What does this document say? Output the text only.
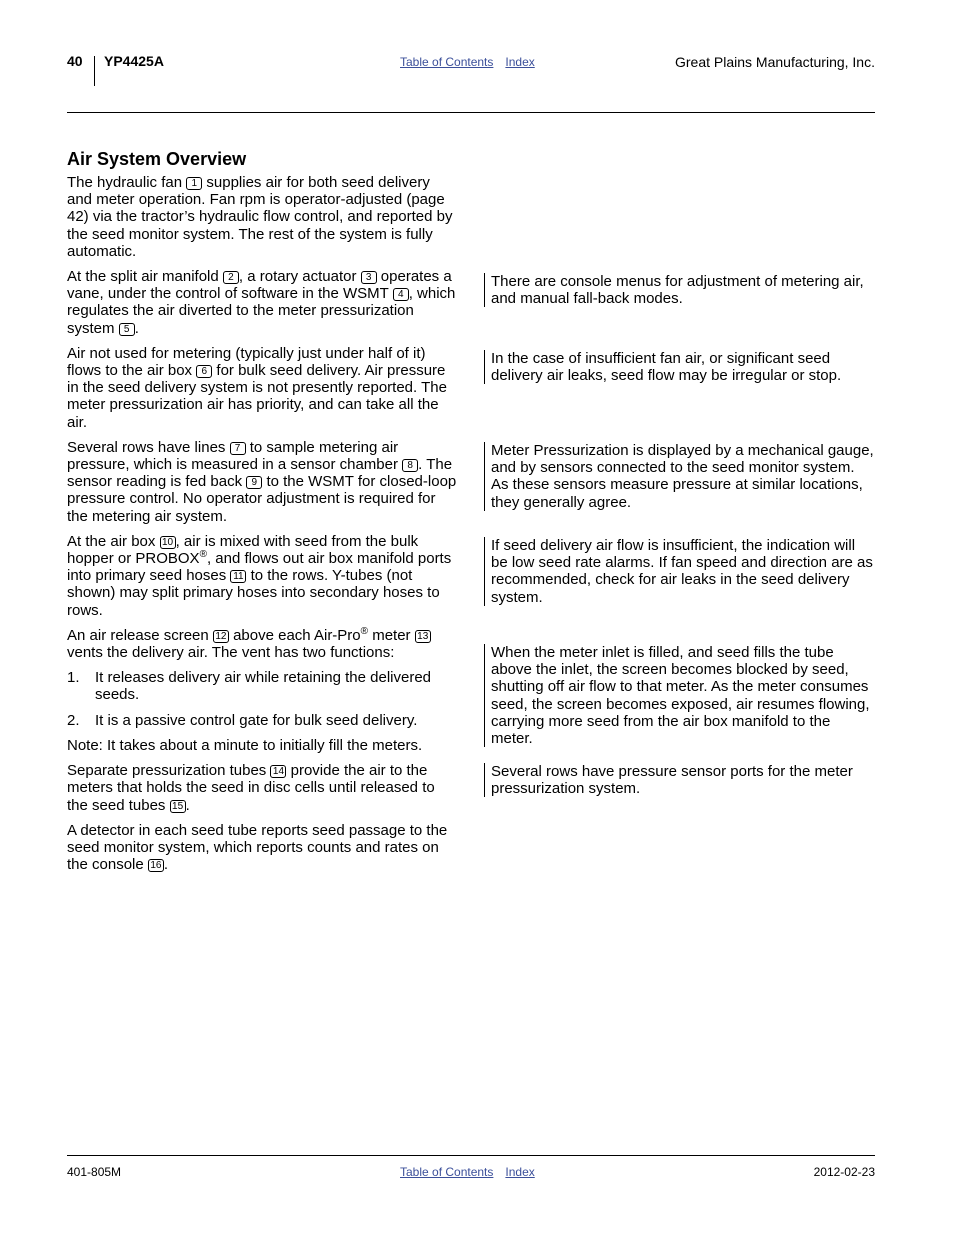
40 YP4425A	Table of Contents Index	Great Plains Manufacturing, Inc.
Air System Overview

The hydraulic fan 1 supplies air for both seed delivery and meter operation. Fan rpm is operator-adjusted (page 42) via the tractor’s hydraulic flow control, and reported by the seed monitor system. The rest of the system is fully automatic.

At the split air manifold 2 , a rotary actuator 3 operates a vane, under the control of software in the WSMT 4 , which regulates the air diverted to the meter pressurization system 5 .

Air not used for metering (typically just under half of it) flows to the air box 6 for bulk seed delivery. Air pressure in the seed delivery system is not presently reported. The meter pressurization air has priority, and can take all the air.

Several rows have lines 7 to sample metering air pressure, which is measured in a sensor chamber 8 . The sensor reading is fed back 9 to the WSMT for closed-loop pressure control. No operator adjustment is required for the metering air system.

At the air box 10 , air is mixed with seed from the bulk hopper or PROBOX®, and flows out air box manifold ports into primary seed hoses 11 to the rows. Y-tubes (not shown) may split primary hoses into secondary hoses to rows.

An air release screen 12 above each Air-Pro® meter 13 vents the delivery air. The vent has two functions:

1. It releases delivery air while retaining the delivered seeds.
2. It is a passive control gate for bulk seed delivery.

Note: It takes about a minute to initially fill the meters.

Separate pressurization tubes 14 provide the air to the meters that holds the seed in disc cells until released to the seed tubes 15 .

A detector in each seed tube reports seed passage to the seed monitor system, which reports counts and rates on the console 16 .

There are console menus for adjustment of metering air, and manual fall-back modes.
In the case of insufficient fan air, or significant seed delivery air leaks, seed flow may be irregular or stop.
Meter Pressurization is displayed by a mechanical gauge, and by sensors connected to the seed monitor system. As these sensors measure pressure at similar locations, they generally agree.
If seed delivery air flow is insufficient, the indication will be low seed rate alarms. If fan speed and direction are as recommended, check for air leaks in the seed delivery system.
When the meter inlet is filled, and seed fills the tube above the inlet, the screen becomes blocked by seed, shutting off air flow to that meter. As the meter consumes seed, the screen becomes exposed, air resumes flowing, carrying more seed from the air box manifold to the meter.
Several rows have pressure sensor ports for the meter pressurization system.
401-805M	Table of Contents Index	2012-02-23
